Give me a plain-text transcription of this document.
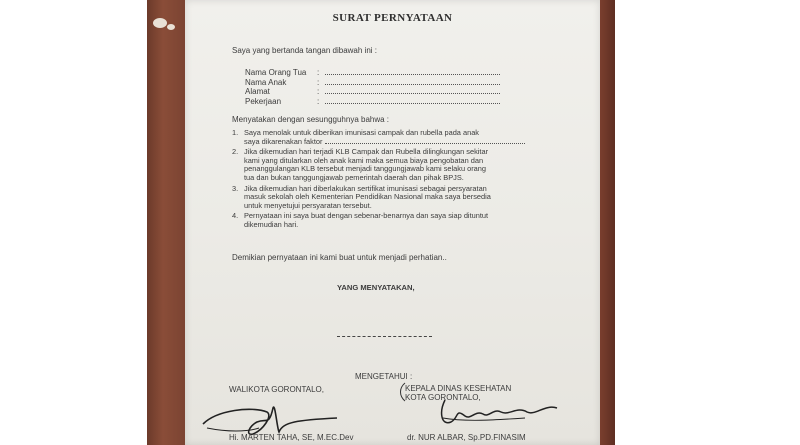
SURAT PERNYATAAN
Saya yang bertanda tangan dibawah ini :
Nama Orang Tua :
Nama Anak	:
Alamat	:
Pekerjaan	:
Menyatakan dengan sesungguhnya bahwa :
1. Saya menolak untuk diberikan imunisasi campak dan rubella pada anak

saya dikarenakan faktor

2. Jika dikemudian hari terjadi KLB Campak dan Rubella dilingkungan sekitar

kami yang ditularkan oleh anak kami maka semua biaya pengobatan dan

penanggulangan KLB tersebut menjadi tanggungjawab kami selaku orang

tua dan bukan tanggungjawab pemerintah daerah dan pihak BPJS.

3. Jika dikemudian hari diberlakukan sertifikat imunisasi sebagai persyaratan

masuk sekolah oleh Kementerian Pendidikan Nasional maka saya bersedia

untuk menyetujui persyaratan tersebut.

4. Pernyataan ini saya buat dengan sebenar-benarnya dan saya siap dituntut

dikemudian hari.

Demikian pernyataan ini kami buat untuk menjadi perhatian..
YANG MENYATAKAN,
MENGETAHUI :
WALIKOTA GORONTALO,	KEPALA DINAS KESEHATAN
KOTA GORONTALO,
Hi. MARTEN TAHA, SE, M.EC.Dev	dr. NUR ALBAR, Sp.PD.FINASIM
